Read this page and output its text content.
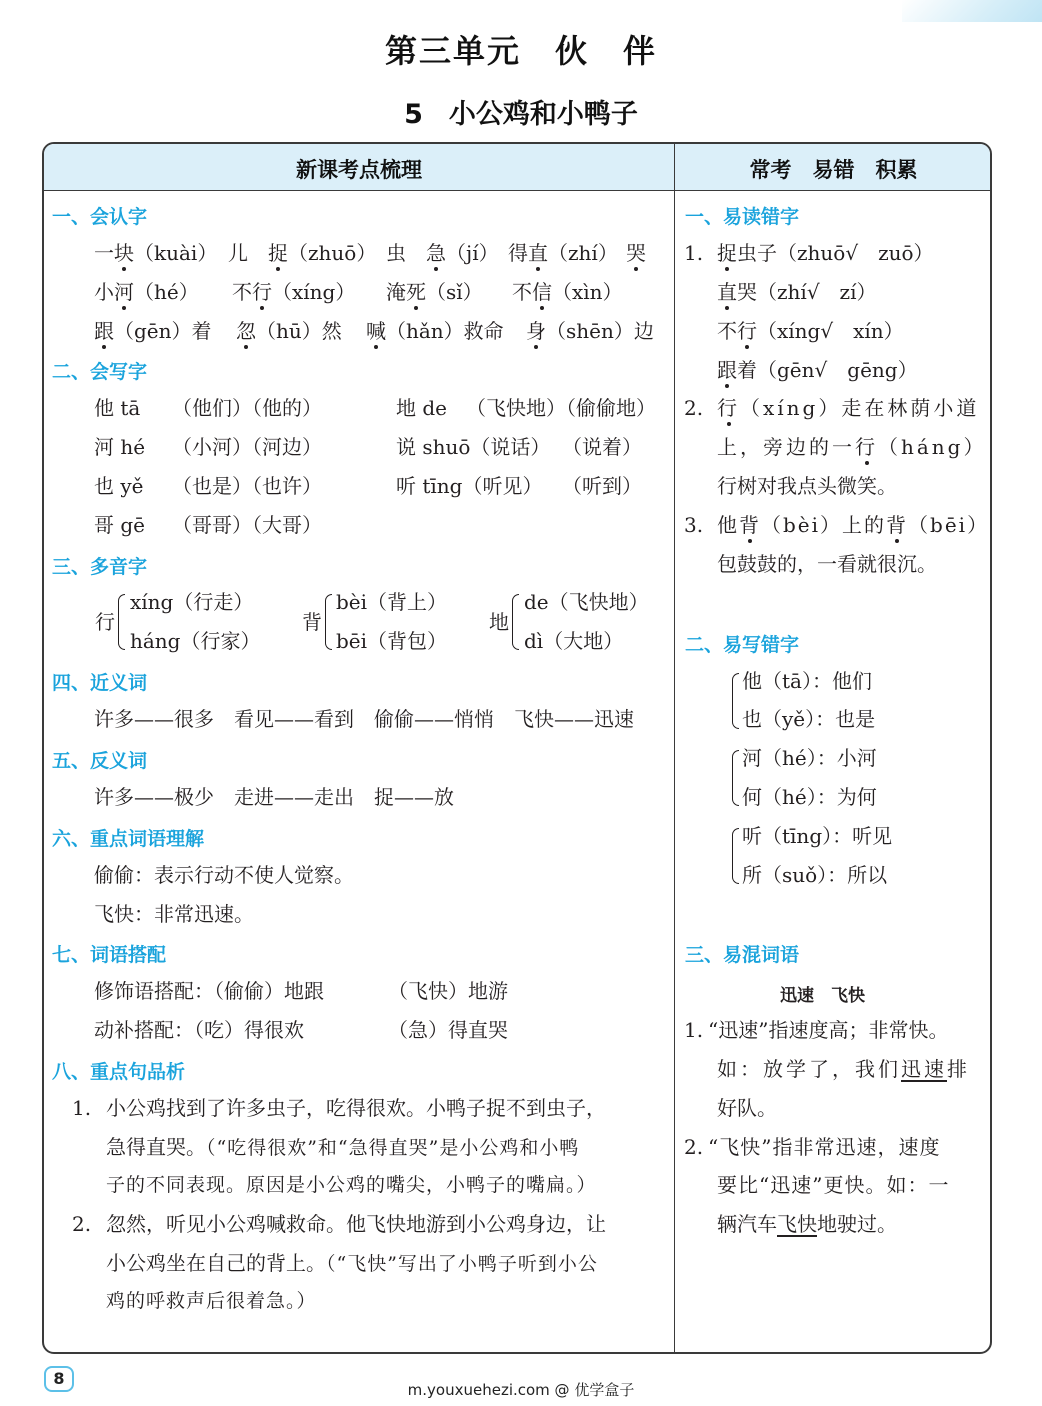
第三单元　伙　伴
5 小公鸡和小鸭子
新课考点梳理	常考　易错　积累
一、会认字
一块（kuài） 儿　捉（zhuō） 虫　急（jí） 得直（zhí） 哭
小河（hé） 不行（xíng） 淹死（sǐ） 不信（xìn）
跟（gēn）着 忽（hū）然 喊（hǎn）救命 身（shēn）边
二、会写字
他 tā （他们）（他的）	地 de （飞快地）（偷偷地）
河 hé （小河）（河边）	说 shuō（说话） （说着）
也 yě （也是）（也许）	听 tīng（听见） （听到）
哥 gē （哥哥）（大哥）
三、多音字
行
xíng（行走）
háng（行家）
背
bèi（背上）
bēi（背包）
地
de（飞快地）
dì（大地）
四、近义词
许多——很多　看见——看到　偷偷——悄悄　飞快——迅速
五、反义词
许多——极少　走进——走出　捉——放
六、重点词语理解
偷偷：表示行动不使人觉察。
飞快：非常迅速。
七、词语搭配
修饰语搭配：（偷偷）地跟	（飞快）地游
动补搭配：（吃）得很欢	（急）得直哭
八、重点句品析
1. 小公鸡找到了许多虫子，吃得很欢。小鸭子捉不到虫子，
急得直哭。（“吃得很欢”和“急得直哭”是小公鸡和小鸭
子的不同表现。原因是小公鸡的嘴尖，小鸭子的嘴扁。）
2. 忽然，听见小公鸡喊救命。他飞快地游到小公鸡身边，让
小公鸡坐在自己的背上。（“飞快”写出了小鸭子听到小公
鸡的呼救声后很着急。）
一、易读错字
1. 捉虫子（zhuō√　zuō）
直哭（zhí√　zí）
不行（xíng√　xín）
跟着（gēn√　gēng）
2. 行（xíng）走在林荫小道
上，旁边的一行（háng）
行树对我点头微笑。
3. 他背（bèi）上的背（bēi）
包鼓鼓的，一看就很沉。
二、易写错字
他（tā）：他们
也（yě）：也是
河（hé）：小河
何（hé）：为何
听（tīng）：听见
所（suǒ）：所以
三、易混词语
迅速　飞快
1. “迅速”指速度高；非常快。
如：放学了，我们迅速排
好队。
2. “飞快”指非常迅速，速度
要比“迅速”更快。如：一
辆汽车飞快地驶过。
8
m.youxuehezi.com @ 优学盒子
